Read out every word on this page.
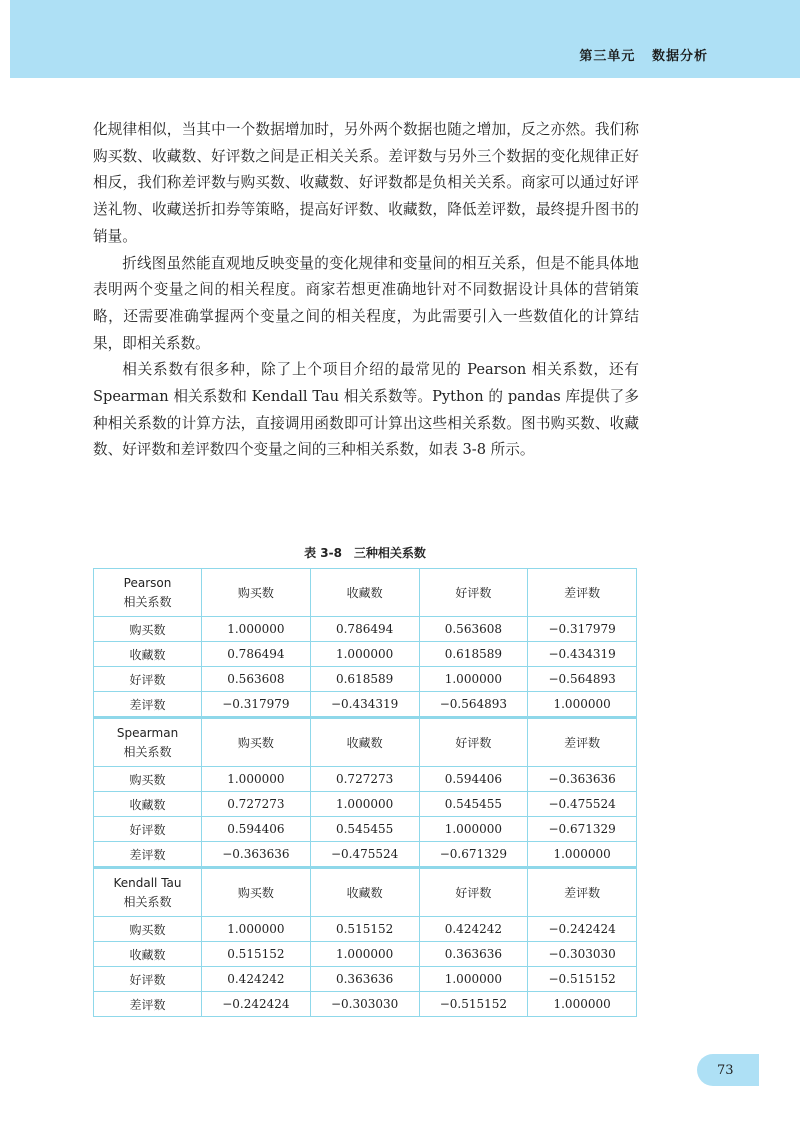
第三单元 数据分析

化规律相似，当其中一个数据增加时，另外两个数据也随之增加，反之亦然。我们称购买数、收藏数、好评数之间是正相关关系。差评数与另外三个数据的变化规律正好相反，我们称差评数与购买数、收藏数、好评数都是负相关关系。商家可以通过好评送礼物、收藏送折扣券等策略，提高好评数、收藏数，降低差评数，最终提升图书的销量。

折线图虽然能直观地反映变量的变化规律和变量间的相互关系，但是不能具体地表明两个变量之间的相关程度。商家若想更准确地针对不同数据设计具体的营销策略，还需要准确掌握两个变量之间的相关程度，为此需要引入一些数值化的计算结果，即相关系数。

相关系数有很多种，除了上个项目介绍的最常见的 Pearson 相关系数，还有 Spearman 相关系数和 Kendall Tau 相关系数等。Python 的 pandas 库提供了多种相关系数的计算方法，直接调用函数即可计算出这些相关系数。图书购买数、收藏数、好评数和差评数四个变量之间的三种相关系数，如表 3-8 所示。

表 3-8 三种相关系数
Pearson
相关系数	购买数	收藏数	好评数	差评数
购买数	1.000000	0.786494	0.563608	−0.317979
收藏数	0.786494	1.000000	0.618589	−0.434319
好评数	0.563608	0.618589	1.000000	−0.564893
差评数	−0.317979	−0.434319	−0.564893	1.000000
Spearman
相关系数	购买数	收藏数	好评数	差评数
购买数	1.000000	0.727273	0.594406	−0.363636
收藏数	0.727273	1.000000	0.545455	−0.475524
好评数	0.594406	0.545455	1.000000	−0.671329
差评数	−0.363636	−0.475524	−0.671329	1.000000
Kendall Tau
相关系数	购买数	收藏数	好评数	差评数
购买数	1.000000	0.515152	0.424242	−0.242424
收藏数	0.515152	1.000000	0.363636	−0.303030
好评数	0.424242	0.363636	1.000000	−0.515152
差评数	−0.242424	−0.303030	−0.515152	1.000000
73
